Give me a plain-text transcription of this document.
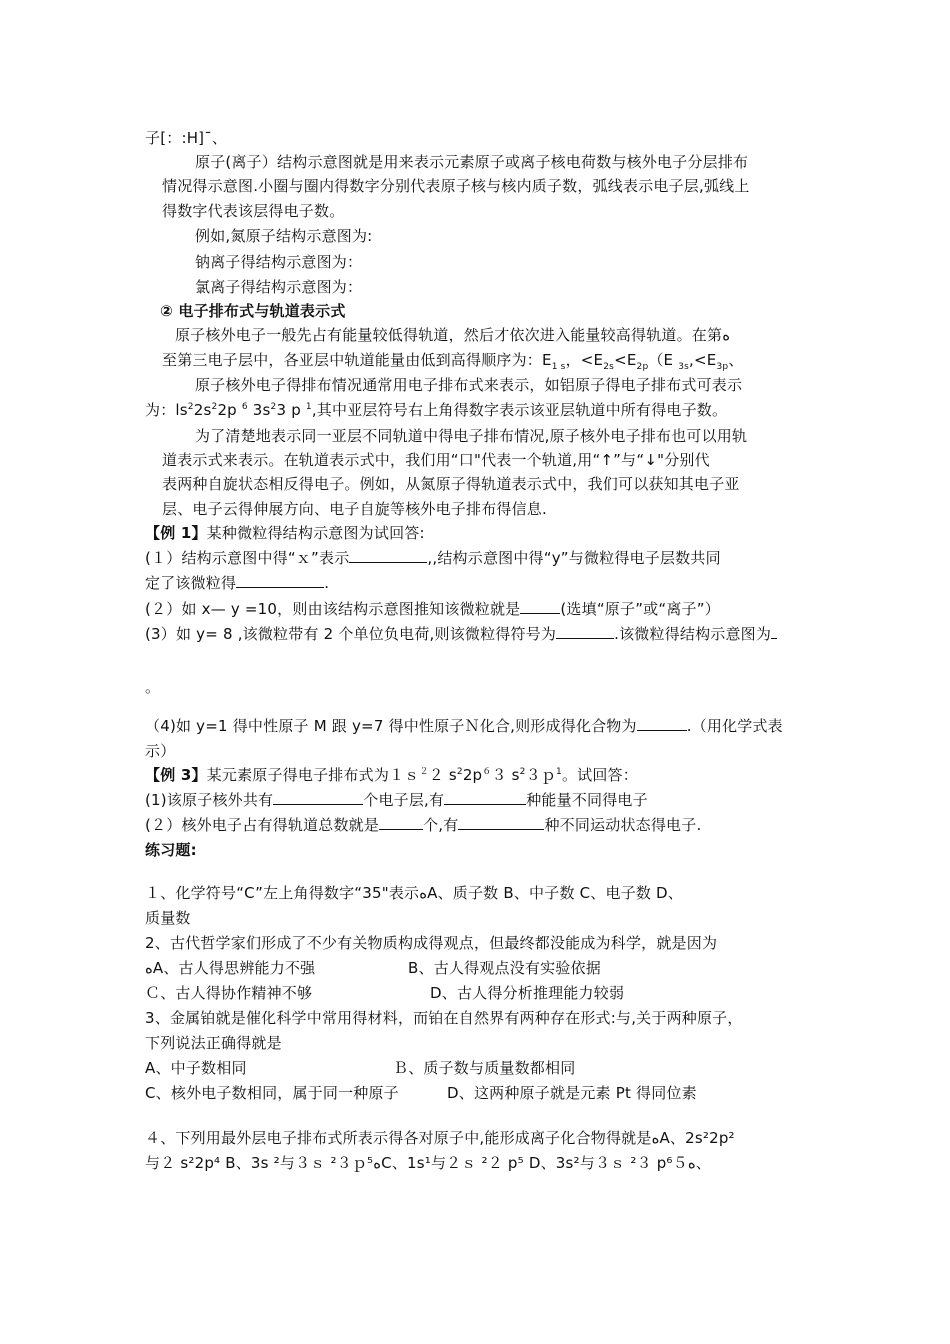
子[：:H]¯、
原子(离子）结构示意图就是用来表示元素原子或离子核电荷数与核外电子分层排布
情况得示意图.小圈与圈内得数字分别代表原子核与核内质子数，弧线表示电子层,弧线上
得数字代表该层得电子数。
例如,氮原子结构示意图为:
钠离子得结构示意图为：
氯离子得结构示意图为：
② 电子排布式与轨道表示式
原子核外电子一般先占有能量较低得轨道，然后才依次进入能量较高得轨道。在第ﻩ
至第三电子层中，各亚层中轨道能量由低到高得顺序为：$E_{1 s}$，$<E_{2s}<E_{2p}(E$ $_{3s},<E_{3p}$、
原子核外电子得排布情况通常用电子排布式来表示，如铝原子得电子排布式可表示
为：$ls^22s^22p$ $^6$ $3s^23$ p $^1$,其中亚层符号右上角得数字表示该亚层轨道中所有得电子数。
为了清楚地表示同一亚层不同轨道中得电子排布情况,原子核外电子排布也可以用轨
道表示式来表示。在轨道表示式中，我们用“口"代表一个轨道,用“↑”与“↓"分别代
表两种自旋状态相反得电子。例如，从氮原子得轨道表示式中，我们可以获知其电子亚
层、电子云得伸展方向、电子自旋等核外电子排布得信息.
【例 1】某种微粒得结构示意图为试回答:
(１）结构示意图中得“ｘ”表示	,,结构示意图中得“y”与微粒得电子层数共同
定了该微粒得	.
(２）如 x— y =10，则由该结构示意图推知该微粒就是	(选填“原子”或“离子”）
(3）如 y= 8 ,该微粒带有 2 个单位负电荷,则该微粒得符号为	.该微粒得结构示意图为
。
（4)如 y=1 得中性原子 M 跟 y=7 得中性原子Ｎ化合,则形成得化合物为	.（用化学式表
示）
【例 3】某元素原子得电子排布式为１ｓ$^2$２ $s^22p^63$ $s^23p^1$。试回答：
(1)该原子核外共有	个电子层,有	种能量不同得电子
(２）核外电子占有得轨道总数就是	个,有	种不同运动状态得电子.
练习题:
１、化学符号“C”左上角得数字“35"表示ﻩA、质子数 B、中子数 C、电子数 D、
质量数
2、古代哲学家们形成了不少有关物质构成得观点，但最终都没能成为科学，就是因为
ﻩA、古人得思辨能力不强	B、古人得观点没有实验依据
Ｃ、古人得协作精神不够	D、古人得分析推理能力较弱
3、金属铂就是催化科学中常用得材料，而铂在自然界有两种存在形式:与,关于两种原子，
下列说法正确得就是
A、中子数相同	Ｂ、质子数与质量数都相同
C、核外电子数相同，属于同一种原子	D、这两种原子就是元素 Pt 得同位素
４、下列用最外层电子排布式所表示得各对原子中,能形成离子化合物得就是ﻩA、2s²2p²
与２ s²2p⁴ B、3s ²与３ｓ ²３ｐ⁵ﻩC、1s¹与２ｓ ²２ p⁵ D、3s²与３ｓ ²３ p⁶５ﻩ、
